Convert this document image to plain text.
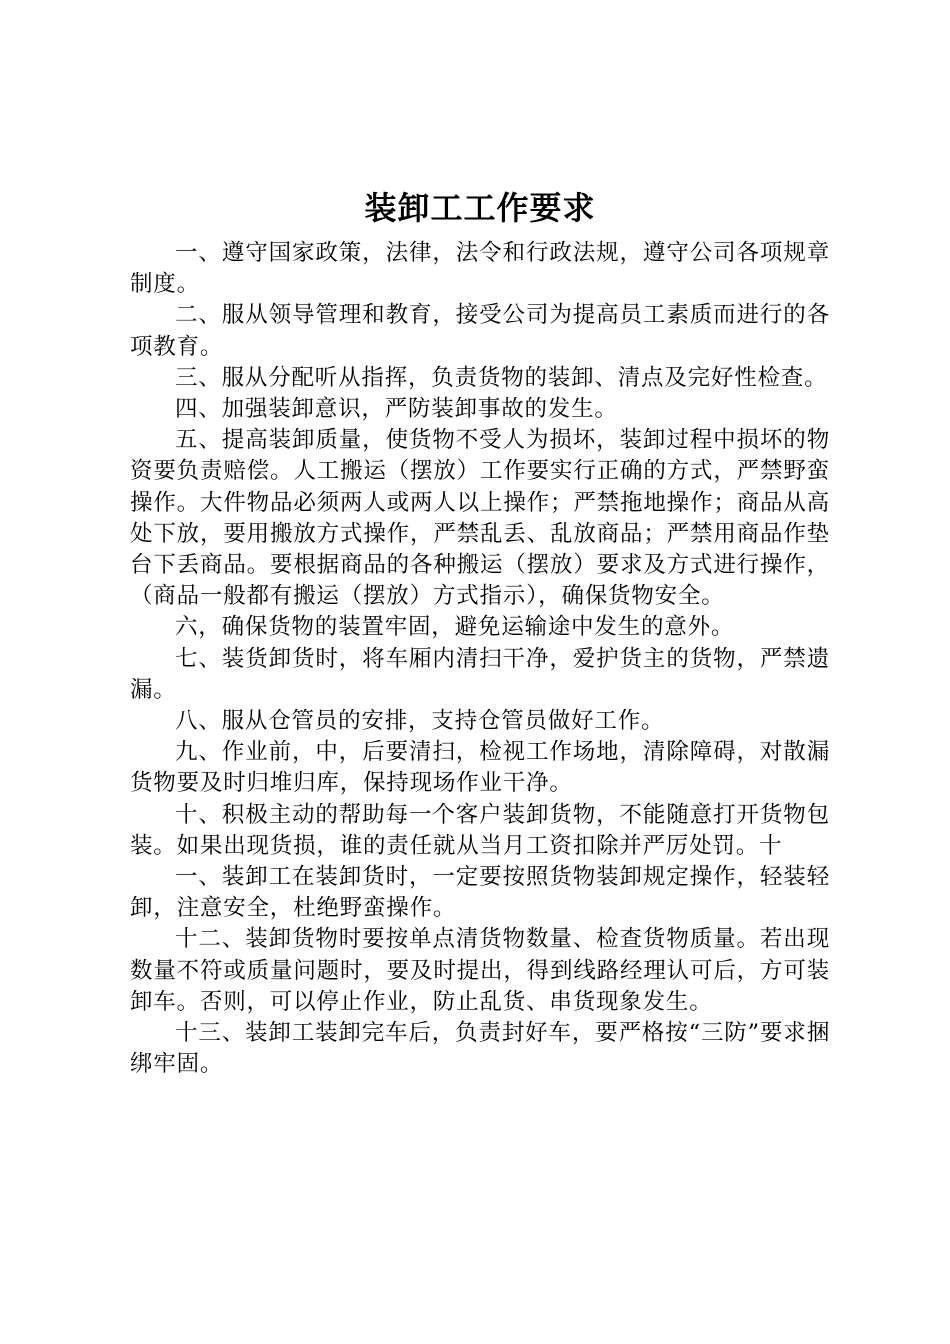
装卸工工作要求

一、遵守国家政策，法律，法令和行政法规，遵守公司各项规章制度。

二、服从领导管理和教育，接受公司为提高员工素质而进行的各项教育。

三、服从分配听从指挥，负责货物的装卸、清点及完好性检查。

四、加强装卸意识，严防装卸事故的发生。

五、提高装卸质量，使货物不受人为损坏，装卸过程中损坏的物资要负责赔偿。人工搬运（摆放）工作要实行正确的方式，严禁野蛮操作。大件物品必须两人或两人以上操作；严禁拖地操作；商品从高处下放，要用搬放方式操作，严禁乱丢、乱放商品；严禁用商品作垫台下丢商品。要根据商品的各种搬运（摆放）要求及方式进行操作，（商品一般都有搬运（摆放）方式指示），确保货物安全。

六，确保货物的装置牢固，避免运输途中发生的意外。

七、装货卸货时，将车厢内清扫干净，爱护货主的货物，严禁遗漏。

八、服从仓管员的安排，支持仓管员做好工作。

九、作业前，中，后要清扫，检视工作场地，清除障碍，对散漏货物要及时归堆归库，保持现场作业干净。

十、积极主动的帮助每一个客户装卸货物，不能随意打开货物包装。如果出现货损，谁的责任就从当月工资扣除并严厉处罚。十

一、装卸工在装卸货时，一定要按照货物装卸规定操作，轻装轻卸，注意安全，杜绝野蛮操作。

十二、装卸货物时要按单点清货物数量、检查货物质量。若出现数量不符或质量问题时，要及时提出，得到线路经理认可后，方可装卸车。否则，可以停止作业，防止乱货、串货现象发生。

十三、装卸工装卸完车后，负责封好车，要严格按“三防”要求捆绑牢固。
